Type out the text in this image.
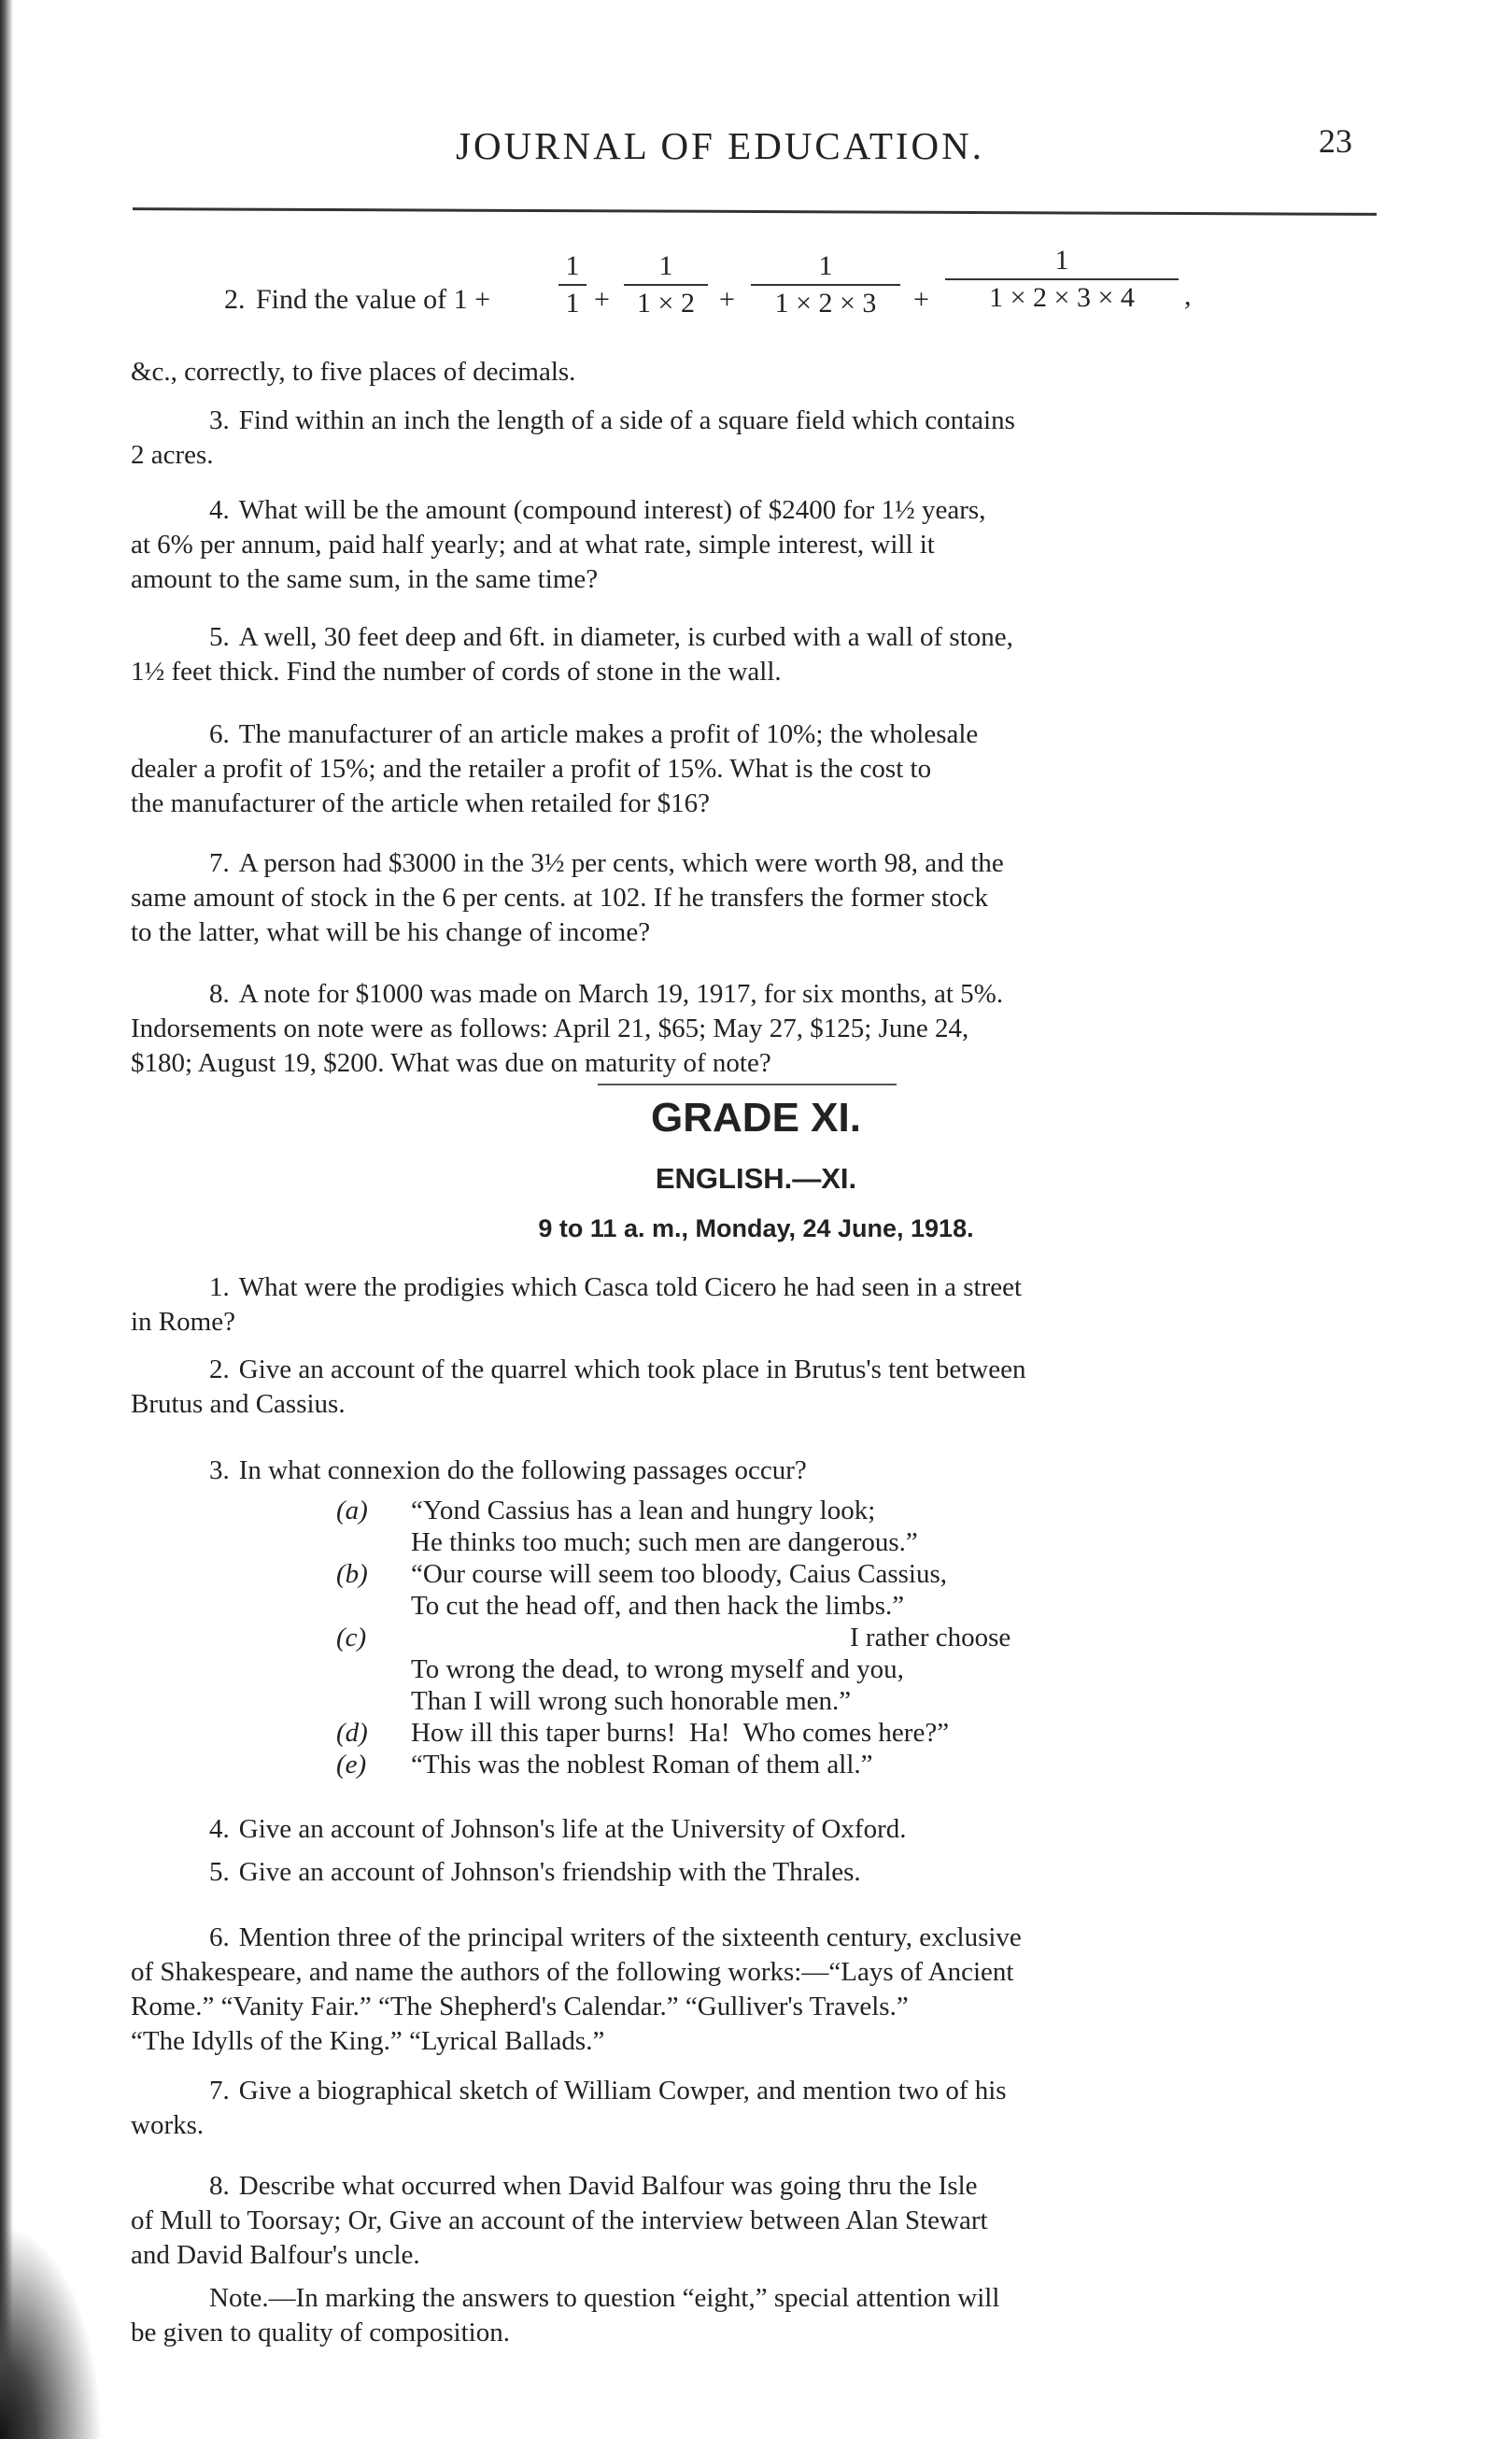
JOURNAL OF EDUCATION.	23
2. Find the value of 1 +
1
1 +
1
1 × 2 +
1
1 × 2 × 3	+
1
1 × 2 × 3 × 4	,
&c., correctly, to five places of decimals.
3. Find within an inch the length of a side of a square field which contains
2 acres.
4. What will be the amount (compound interest) of $2400 for 1½ years,
at 6% per annum, paid half yearly; and at what rate, simple interest, will it
amount to the same sum, in the same time?
5. A well, 30 feet deep and 6ft. in diameter, is curbed with a wall of stone,
1½ feet thick. Find the number of cords of stone in the wall.
6. The manufacturer of an article makes a profit of 10%; the wholesale
dealer a profit of 15%; and the retailer a profit of 15%. What is the cost to
the manufacturer of the article when retailed for $16?
7. A person had $3000 in the 3½ per cents, which were worth 98, and the
same amount of stock in the 6 per cents. at 102. If he transfers the former stock
to the latter, what will be his change of income?
8. A note for $1000 was made on March 19, 1917, for six months, at 5%.
Indorsements on note were as follows: April 21, $65; May 27, $125; June 24,
$180; August 19, $200. What was due on maturity of note?
GRADE XI.
ENGLISH.—XI.
9 to 11 a. m., Monday, 24 June, 1918.
1. What were the prodigies which Casca told Cicero he had seen in a street
in Rome?
2. Give an account of the quarrel which took place in Brutus's tent between
Brutus and Cassius.
3. In what connexion do the following passages occur?
(a) “Yond Cassius has a lean and hungry look;
He thinks too much; such men are dangerous.”
(b) “Our course will seem too bloody, Caius Cassius,
To cut the head off, and then hack the limbs.”
(c)	I rather choose
To wrong the dead, to wrong myself and you,
Than I will wrong such honorable men.”
(d) How ill this taper burns!  Ha!  Who comes here?”
(e) “This was the noblest Roman of them all.”
4. Give an account of Johnson's life at the University of Oxford.
5. Give an account of Johnson's friendship with the Thrales.
6. Mention three of the principal writers of the sixteenth century, exclusive
of Shakespeare, and name the authors of the following works:—“Lays of Ancient
Rome.” “Vanity Fair.” “The Shepherd's Calendar.” “Gulliver's Travels.”
“The Idylls of the King.” “Lyrical Ballads.”
7. Give a biographical sketch of William Cowper, and mention two of his
works.
8. Describe what occurred when David Balfour was going thru the Isle
of Mull to Toorsay; Or, Give an account of the interview between Alan Stewart
and David Balfour's uncle.
Note.—In marking the answers to question “eight,” special attention will
be given to quality of composition.
